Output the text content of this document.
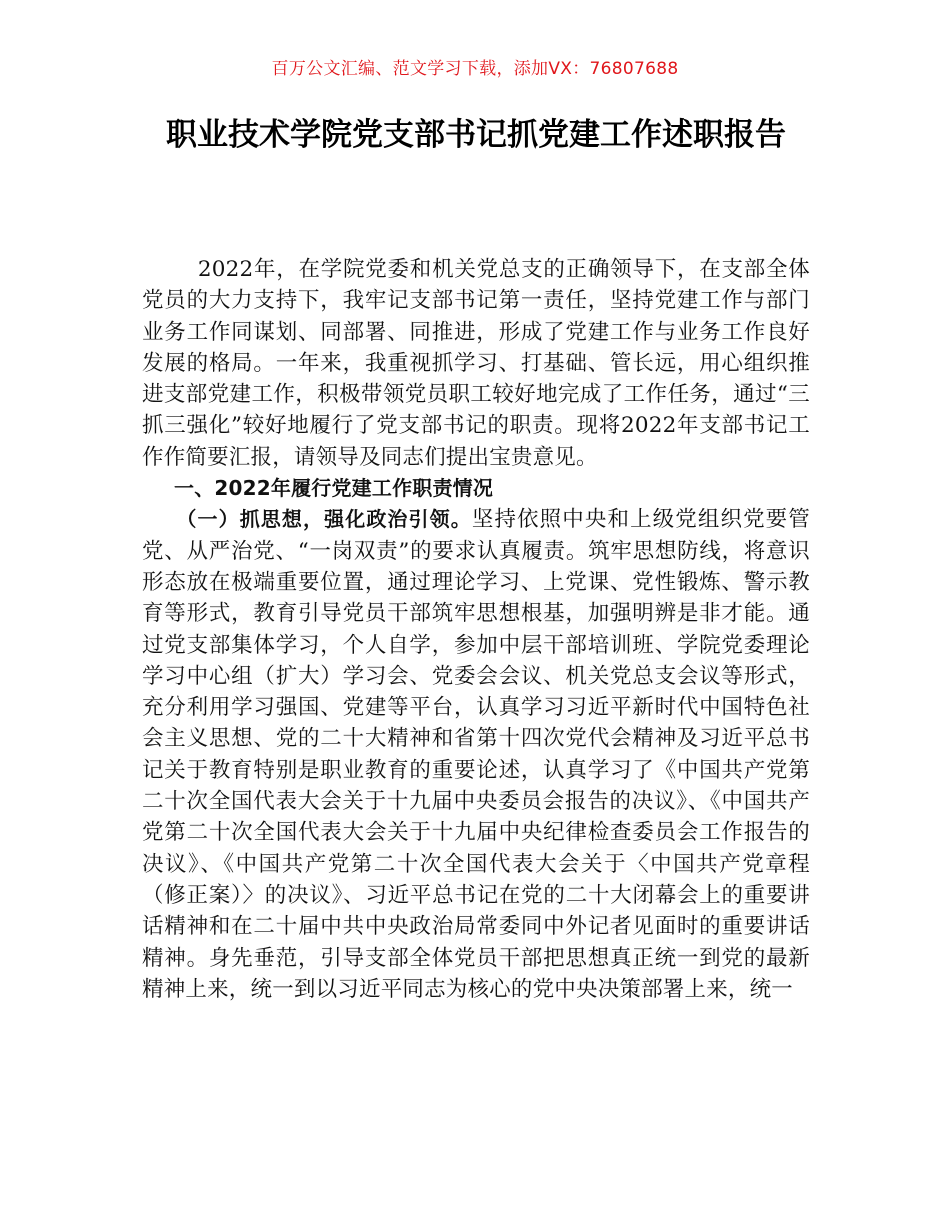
百万公文汇编、范文学习下载，添加VX：76807688
职业技术学院党支部书记抓党建工作述职报告

2022年，在学院党委和机关党总支的正确领导下，在支部全体党员的大力支持下，我牢记支部书记第一责任，坚持党建工作与部门业务工作同谋划、同部署、同推进，形成了党建工作与业务工作良好发展的格局。一年来，我重视抓学习、打基础、管长远，用心组织推进支部党建工作，积极带领党员职工较好地完成了工作任务，通过“三抓三强化”较好地履行了党支部书记的职责。现将2022年支部书记工作作简要汇报，请领导及同志们提出宝贵意见。

一、2022年履行党建工作职责情况

（一）抓思想，强化政治引领。坚持依照中央和上级党组织党要管党、从严治党、“一岗双责”的要求认真履责。筑牢思想防线，将意识形态放在极端重要位置，通过理论学习、上党课、党性锻炼、警示教育等形式，教育引导党员干部筑牢思想根基，加强明辨是非才能。通过党支部集体学习，个人自学，参加中层干部培训班、学院党委理论学习中心组（扩大）学习会、党委会会议、机关党总支会议等形式，充分利用学习强国、党建等平台，认真学习习近平新时代中国特色社会主义思想、党的二十大精神和省第十四次党代会精神及习近平总书记关于教育特别是职业教育的重要论述，认真学习了《中国共产党第二十次全国代表大会关于十九届中央委员会报告的决议》、《中国共产党第二十次全国代表大会关于十九届中央纪律检查委员会工作报告的决议》、《中国共产党第二十次全国代表大会关于〈中国共产党章程（修正案）〉的决议》、习近平总书记在党的二十大闭幕会上的重要讲话精神和在二十届中共中央政治局常委同中外记者见面时的重要讲话精神。身先垂范，引导支部全体党员干部把思想真正统一到党的最新精神上来，统一到以习近平同志为核心的党中央决策部署上来，统一
